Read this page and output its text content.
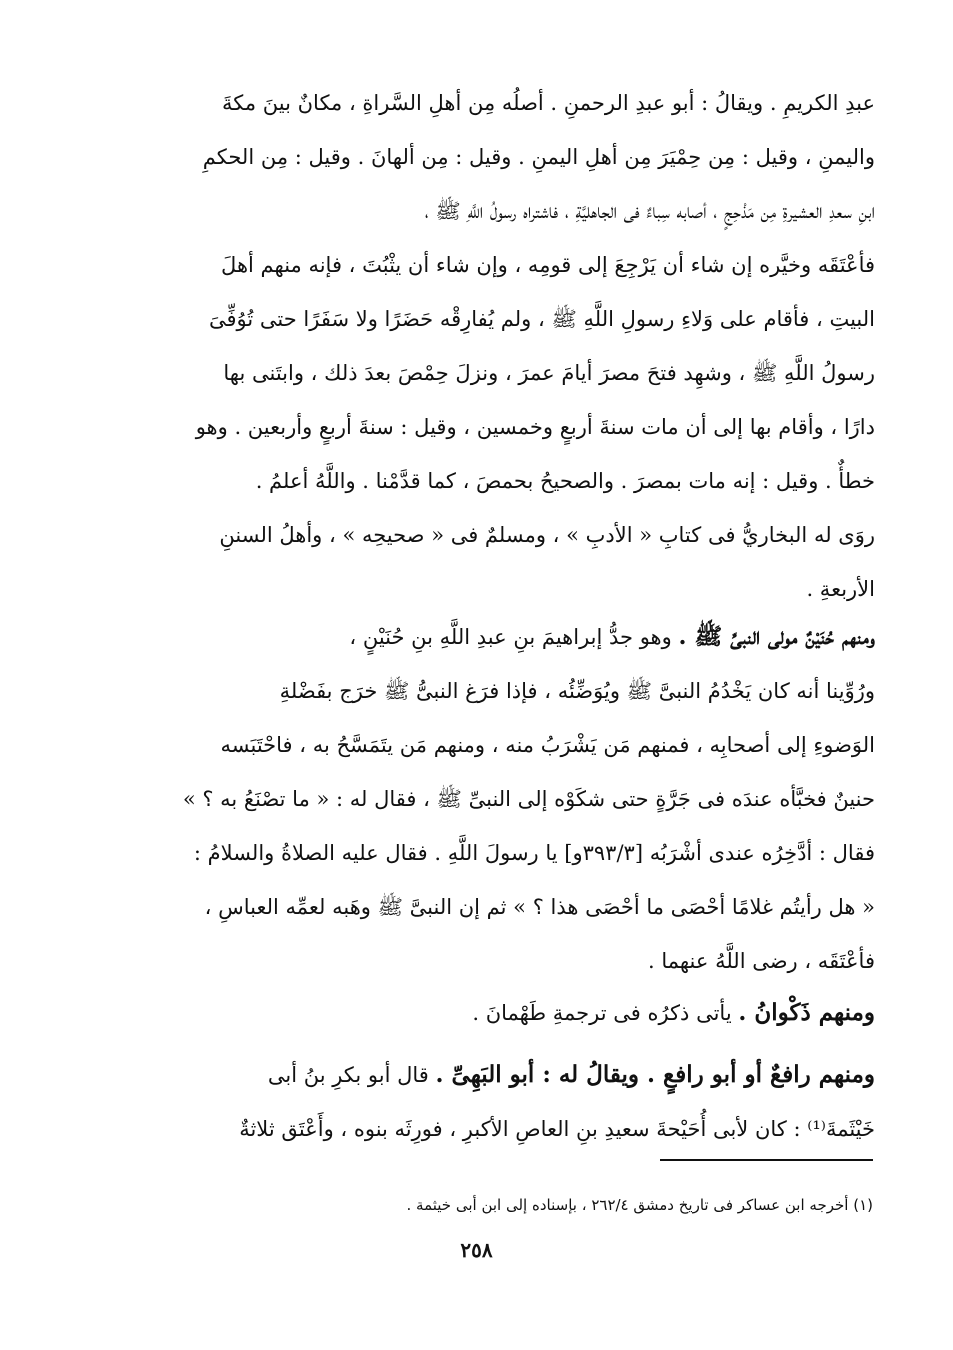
عبدِ الكريمِ . ويقالُ : أبو عبدِ الرحمنِ . أصلُه مِن أهلِ السَّراةِ ، مكانٌ بينَ مكةَ
واليمنِ ، وقيل : مِن حِمْيَرَ مِن أهلِ اليمنِ . وقيل : مِن ألهانَ . وقيل : مِن الحكمِ
ابنِ سعدِ العشيرةِ مِن مَذْحِجٍ ، أصابه سِباءٌ فى الجاهليَّةِ ، فاشتراه رسولُ اللَّهِ ﷺ ،
فأعْتَقَه وخيَّره إن شاء أن يَرْجِعَ إلى قومِه ، وإن شاء أن يثْبُتَ ، فإنه منهم أهلَ
البيتِ ، فأقام على وَلاءِ رسولِ اللَّهِ ﷺ ، ولم يُفارِقْه حَضَرًا ولا سَفَرًا حتى تُوُفِّىَ
رسولُ اللَّهِ ﷺ ، وشهِد فتحَ مصرَ أيامَ عمرَ ، ونزلَ حِمْصَ بعدَ ذلك ، وابتَنى بها
دارًا ، وأقام بها إلى أن مات سنةَ أربعٍ وخمسين ، وقيل : سنةَ أربعٍ وأربعين . وهو
خطأٌ . وقيل : إنه مات بمصرَ . والصحيحُ بحمصَ ، كما قدَّمْنا . واللَّهُ أعلمُ .
روَى له البخاريُّ فى كتابِ « الأدبِ » ، ومسلمٌ فى « صحيحِه » ، وأهلُ السننِ
الأربعةِ .
ومنهم حُنَيْنٌ مولى النبىِّ ﷺ . وهو جدُّ إبراهيمَ بنِ عبدِ اللَّهِ بنِ حُنَيْنٍ ،
ورُوِّينا أنه كان يَخْدُمُ النبىَّ ﷺ ويُوَضِّئُه ، فإذا فرَغ النبىُّ ﷺ خرَج بفَضْلةِ
الوَضوءِ إلى أصحابِه ، فمنهم مَن يَشْرَبُ منه ، ومنهم مَن يتَمَسَّحُ به ، فاحْتَبَسه
حنينٌ فخبَّأه عندَه فى جَرَّةٍ حتى شكَوْه إلى النبىِّ ﷺ ، فقال له : « ما تصْنَعُ به ؟ »
فقال : أدَّخِرُه عندى أشْرَبُه [٣٩٣/٣و] يا رسولَ اللَّهِ . فقال عليه الصلاةُ والسلامُ :
« هل رأيتُم غلامًا أحْصَى ما أحْصَى هذا ؟ » ثم إن النبىَّ ﷺ وهَبه لعمِّه العباسِ ،
فأعْتَقَه ، رضى اللَّهُ عنهما .
ومنهم ذَكْوانُ . يأتى ذكرُه فى ترجمةِ طَهْمانَ .
ومنهم رافعٌ أو أبو رافعٍ . ويقالُ له : أبو البَهِىِّ . قال أبو بكرِ بنُ أبى
خَيْثَمةَ⁽¹⁾ : كان لأبى أُحَيْحةَ سعيدِ بنِ العاصِ الأكبرِ ، فورِثَه بنوه ، وأَعْتَق ثلاثةٌ
(١) أخرجه ابن عساكر فى تاريخ دمشق ٢٦٢/٤ ، بإسناده إلى ابن أبى خيثمة .
٢٥٨
